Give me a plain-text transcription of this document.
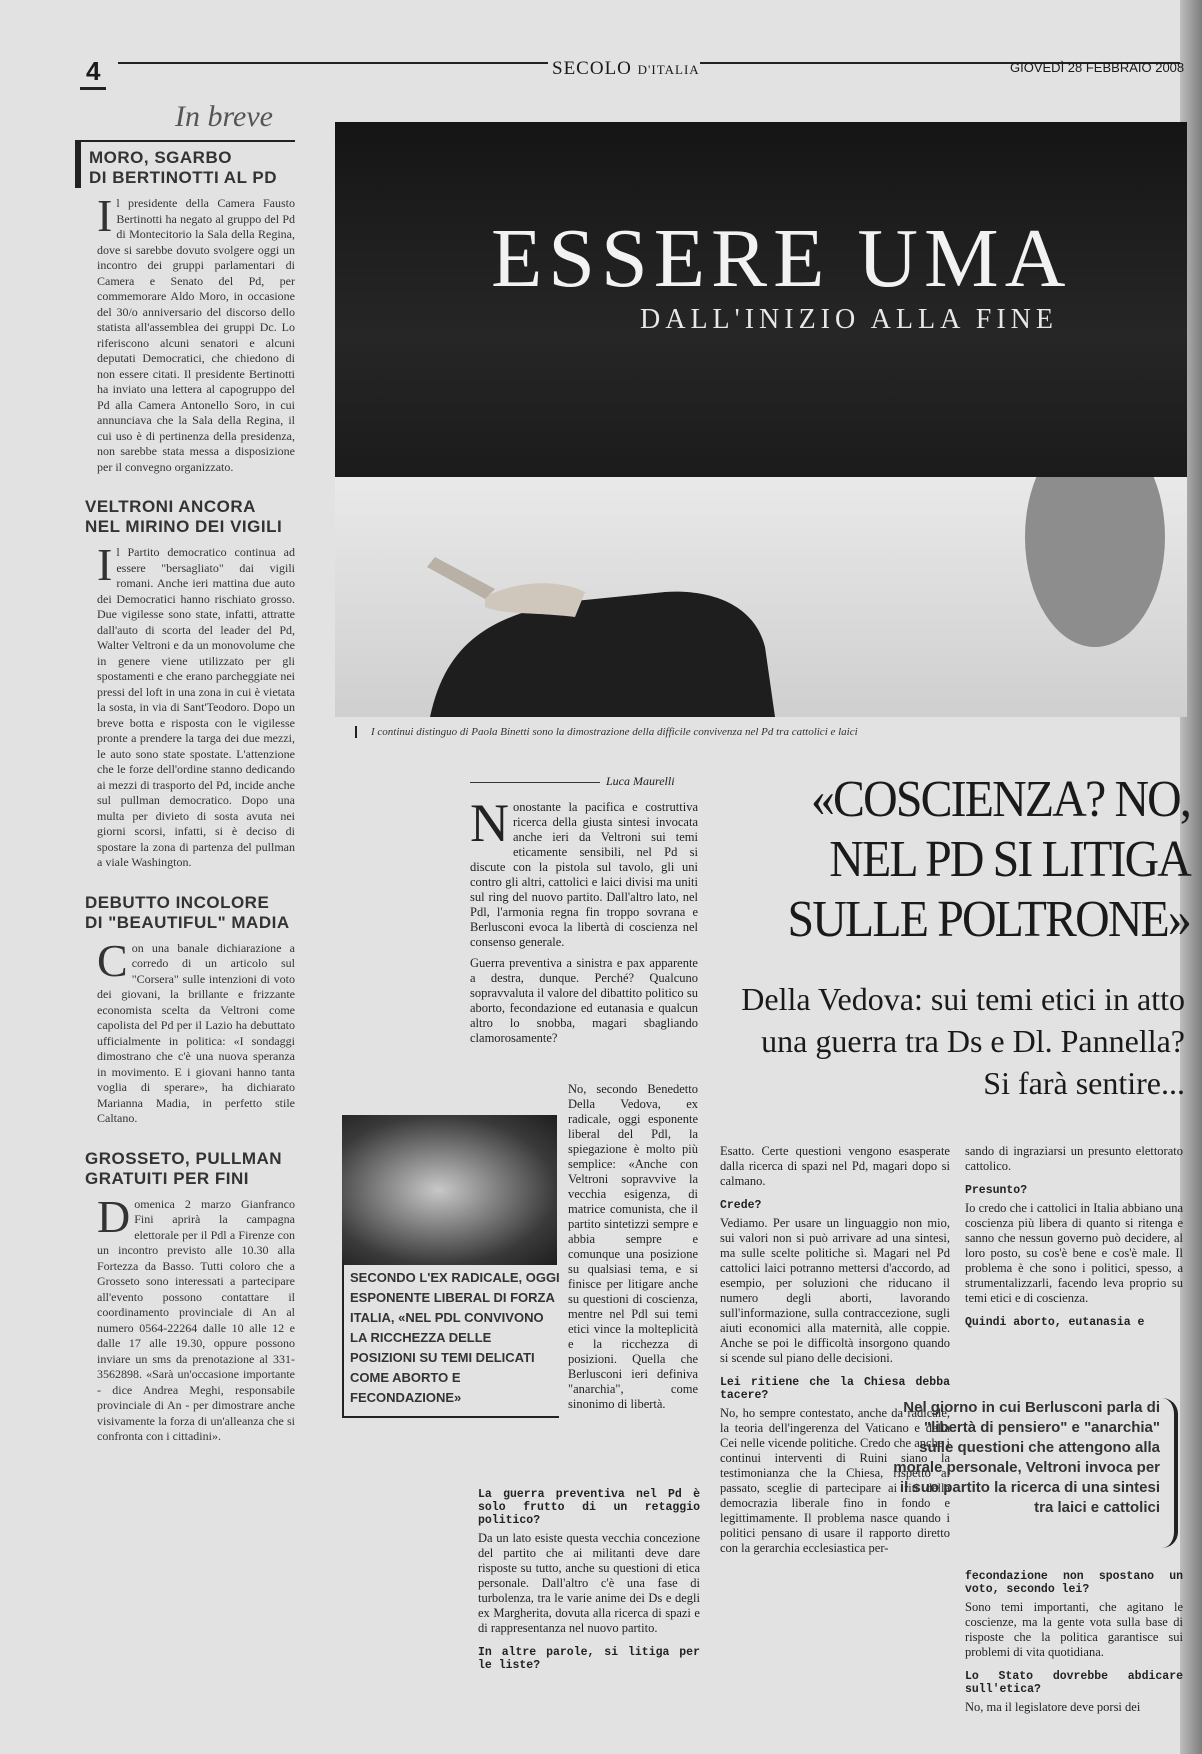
4	SECOLO D'ITALIA	GIOVEDÌ 28 FEBBRAIO 2008
In breve
MORO, SGARBO
DI BERTINOTTI AL PD

Il presidente della Camera Fausto Bertinotti ha negato al gruppo del Pd di Montecitorio la Sala della Regina, dove si sarebbe dovuto svolgere oggi un incontro dei gruppi parlamentari di Camera e Senato del Pd, per commemorare Aldo Moro, in occasione del 30/o anniversario del discorso dello statista all'assemblea dei gruppi Dc. Lo riferiscono alcuni senatori e alcuni deputati Democratici, che chiedono di non essere citati. Il presidente Bertinotti ha inviato una lettera al capogruppo del Pd alla Camera Antonello Soro, in cui annunciava che la Sala della Regina, il cui uso è di pertinenza della presidenza, non sarebbe stata messa a disposizione per il convegno organizzato.

VELTRONI ANCORA
NEL MIRINO DEI VIGILI

Il Partito democratico continua ad essere "bersagliato" dai vigili romani. Anche ieri mattina due auto dei Democratici hanno rischiato grosso. Due vigilesse sono state, infatti, attratte dall'auto di scorta del leader del Pd, Walter Veltroni e da un monovolume che in genere viene utilizzato per gli spostamenti e che erano parcheggiate nei pressi del loft in una zona in cui è vietata la sosta, in via di Sant'Teodoro. Dopo un breve botta e risposta con le vigilesse pronte a prendere la targa dei due mezzi, le auto sono state spostate. L'attenzione che le forze dell'ordine stanno dedicando ai mezzi di trasporto del Pd, incide anche sul pullman democratico. Dopo una multa per divieto di sosta avuta nei giorni scorsi, infatti, si è deciso di spostare la zona di partenza del pullman a viale Washington.

DEBUTTO INCOLORE
DI "BEAUTIFUL" MADIA

Con una banale dichiarazione a corredo di un articolo sul "Corsera" sulle intenzioni di voto dei giovani, la brillante e frizzante economista scelta da Veltroni come capolista del Pd per il Lazio ha debuttato ufficialmente in politica: «I sondaggi dimostrano che c'è una nuova speranza in movimento. E i giovani hanno tanta voglia di sperare», ha dichiarato Marianna Madia, in perfetto stile Caltano.

GROSSETO, PULLMAN
GRATUITI PER FINI

Domenica 2 marzo Gianfranco Fini aprirà la campagna elettorale per il Pdl a Firenze con un incontro previsto alle 10.30 alla Fortezza da Basso. Tutti coloro che a Grosseto sono interessati a partecipare all'evento possono contattare il coordinamento provinciale di An al numero 0564-22264 dalle 10 alle 12 e dalle 17 alle 19.30, oppure possono inviare un sms da prenotazione al 331-3562898. «Sarà un'occasione importante - dice Andrea Meghi, responsabile provinciale di An - per dimostrare anche visivamente la forza di un'alleanza che si confronta con i cittadini».

ESSERE UMA
DALL'INIZIO ALLA FINE
I continui distinguo di Paola Binetti sono la dimostrazione della difficile convivenza nel Pd tra cattolici e laici
Luca Maurelli	«COSCIENZA? NO, NEL PD SI LITIGA SULLE POLTRONE»
Della Vedova: sui temi etici in atto una guerra tra Ds e Dl. Pannella? Si farà sentire...

Nonostante la pacifica e costruttiva ricerca della giusta sintesi invocata anche ieri da Veltroni sui temi eticamente sensibili, nel Pd si discute con la pistola sul tavolo, gli uni contro gli altri, cattolici e laici divisi ma uniti sul ring del nuovo partito. Dall'altro lato, nel Pdl, l'armonia regna fin troppo sovrana e Berlusconi evoca la libertà di coscienza nel consenso generale.

Guerra preventiva a sinistra e pax apparente a destra, dunque. Perché? Qualcuno sopravvaluta il valore del dibattito politico su aborto, fecondazione ed eutanasia e qualcun altro lo snobba, magari sbagliando clamorosamente?

No, secondo Benedetto Della Vedova, ex radicale, oggi esponente liberal del Pdl, la spiegazione è molto più semplice: «Anche con Veltroni sopravvive la vecchia esigenza, di matrice comunista, che il partito sintetizzi sempre e abbia sempre e comunque una posizione su qualsiasi tema, e si finisce per litigare anche su questioni di coscienza, mentre nel Pdl sui temi etici vince la molteplicità e la ricchezza di posizioni. Quella che Berlusconi ieri definiva "anarchia", come sinonimo di libertà.

La guerra preventiva nel Pd è solo frutto di un retaggio politico?

Da un lato esiste questa vecchia concezione del partito che ai militanti deve dare risposte su tutto, anche su questioni di etica personale. Dall'altro c'è una fase di turbolenza, tra le varie anime dei Ds e degli ex Margherita, dovuta alla ricerca di spazi e di rappresentanza nel nuovo partito.

In altre parole, si litiga per le liste?
SECONDO L'EX RADICALE, OGGI ESPONENTE LIBERAL DI FORZA ITALIA, «NEL PDL CONVIVONO LA RICCHEZZA DELLE POSIZIONI SU TEMI DELICATI COME ABORTO E FECONDAZIONE»

Esatto. Certe questioni vengono esasperate dalla ricerca di spazi nel Pd, magari dopo si calmano.

Crede?

Vediamo. Per usare un linguaggio non mio, sui valori non si può arrivare ad una sintesi, ma sulle scelte politiche sì. Magari nel Pd cattolici laici potranno mettersi d'accordo, ad esempio, per soluzioni che riducano il numero degli aborti, lavorando sull'informazione, sulla contraccezione, sugli aiuti economici alla maternità, alle coppie. Anche se poi le difficoltà insorgono quando si scende sul piano delle decisioni.

Lei ritiene che la Chiesa debba tacere?

No, ho sempre contestato, anche da radicale, la teoria dell'ingerenza del Vaticano e della Cei nelle vicende politiche. Credo che anche i continui interventi di Ruini siano la testimonianza che la Chiesa, rispetto al passato, sceglie di partecipare ai riti della democrazia liberale fino in fondo e legittimamente. Il problema nasce quando i politici pensano di usare il rapporto diretto con la gerarchia ecclesiastica per-

sando di ingraziarsi un presunto elettorato cattolico.

Presunto?

Io credo che i cattolici in Italia abbiano una coscienza più libera di quanto si ritenga e sanno che nessun governo può decidere, al loro posto, su cos'è bene e cos'è male. Il problema è che sono i politici, spesso, a strumentalizzarli, facendo leva proprio su temi etici e di coscienza.

Quindi aborto, eutanasia e
Nel giorno in cui Berlusconi parla di "libertà di pensiero" e "anarchia" sulle questioni che attengono alla morale personale, Veltroni invoca per il suo partito la ricerca di una sintesi tra laici e cattolici
fecondazione non spostano un voto, secondo lei?

Sono temi importanti, che agitano le coscienze, ma la gente vota sulla base di risposte che la politica garantisce sui problemi di vita quotidiana.

Lo Stato dovrebbe abdicare sull'etica?

No, ma il legislatore deve porsi dei
